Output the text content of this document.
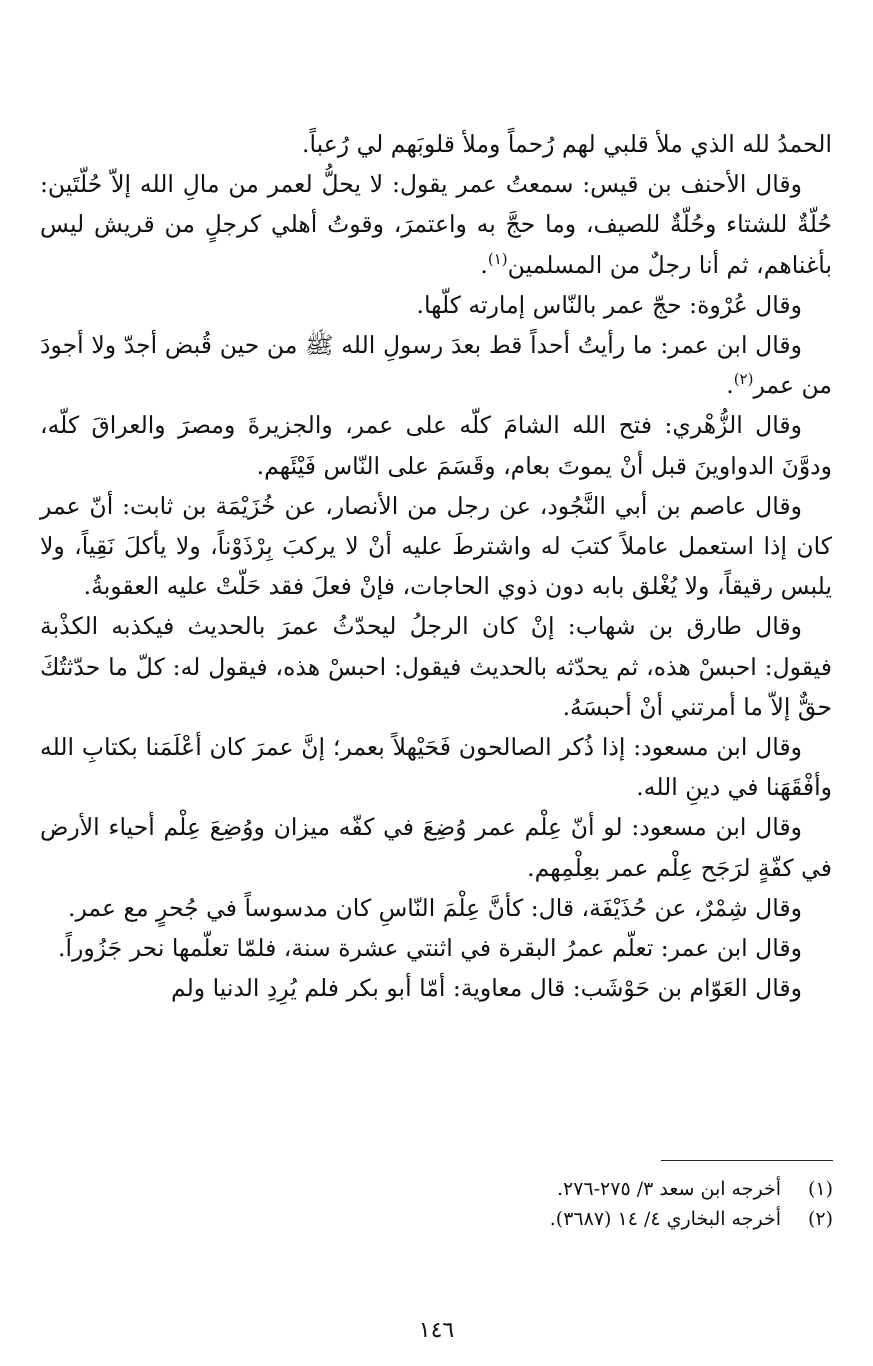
الحمدُ لله الذي ملأ قلبي لهم رُحماً وملأ قلوبَهم لي رُعباً.

وقال الأحنف بن قيس: سمعتُ عمر يقول: لا يحلُّ لعمر من مالِ الله إلاّ حُلّتَين: حُلّةٌ للشتاء وحُلّةٌ للصيف، وما حجَّ به واعتمرَ، وقوتُ أهلي كرجلٍ من قريش ليس بأغناهم، ثم أنا رجلٌ من المسلمين$^{(١)}$.

وقال عُرْوة: حجّ عمر بالنّاس إمارته كلّها.

وقال ابن عمر: ما رأيتُ أحداً قط بعدَ رسولِ الله ﷺ من حين قُبض أجدّ ولا أجودَ من عمر$^{(٢)}$.

وقال الزُّهْري: فتح الله الشامَ كلّه على عمر، والجزيرةَ ومصرَ والعراقَ كلّه، ودوَّنَ الدواوينَ قبل أنْ يموتَ بعام، وقَسَمَ على النّاس فَيْئَهم.

وقال عاصم بن أبي النَّجُود، عن رجل من الأنصار، عن خُزَيْمَة بن ثابت: أنّ عمر كان إذا استعمل عاملاً كتبَ له واشترطَ عليه أنْ لا يركبَ بِرْذَوْناً، ولا يأكلَ نَقِياً، ولا يلبس رقيقاً، ولا يُغْلق بابه دون ذوي الحاجات، فإنْ فعلَ فقد حَلّتْ عليه العقوبةُ.

وقال طارق بن شهاب: إنْ كان الرجلُ ليحدّثُ عمرَ بالحديث فيكذبه الكذْبة فيقول: احبسْ هذه، ثم يحدّثه بالحديث فيقول: احبسْ هذه، فيقول له: كلّ ما حدّثتُكَ حقٌّ إلاّ ما أمرتني أنْ أحبسَهُ.

وقال ابن مسعود: إذا ذُكر الصالحون فَحَيْهلاً بعمر؛ إنَّ عمرَ كان أعْلَمَنا بكتابِ الله وأفْقَهَنا في دينِ الله.

وقال ابن مسعود: لو أنّ عِلْم عمر وُضِعَ في كفّه ميزان ووُضِعَ عِلْم أحياء الأرض في كفّةٍ لرَجَح عِلْم عمر بعِلْمِهم.

وقال شِمْرٌ، عن حُذَيْفَة، قال: كأنَّ عِلْمَ النّاسِ كان مدسوساً في جُحرٍ مع عمر.

وقال ابن عمر: تعلّم عمرُ البقرة في اثنتي عشرة سنة، فلمّا تعلّمها نحر جَزُوراً.

وقال العَوّام بن حَوْشَب: قال معاوية: أمّا أبو بكر فلم يُرِدِ الدنيا ولم

(١)أخرجه ابن سعد ٣/ ٢٧٥-٢٧٦.
(٢)أخرجه البخاري ٤/ ١٤ (٣٦٨٧).
١٤٦
